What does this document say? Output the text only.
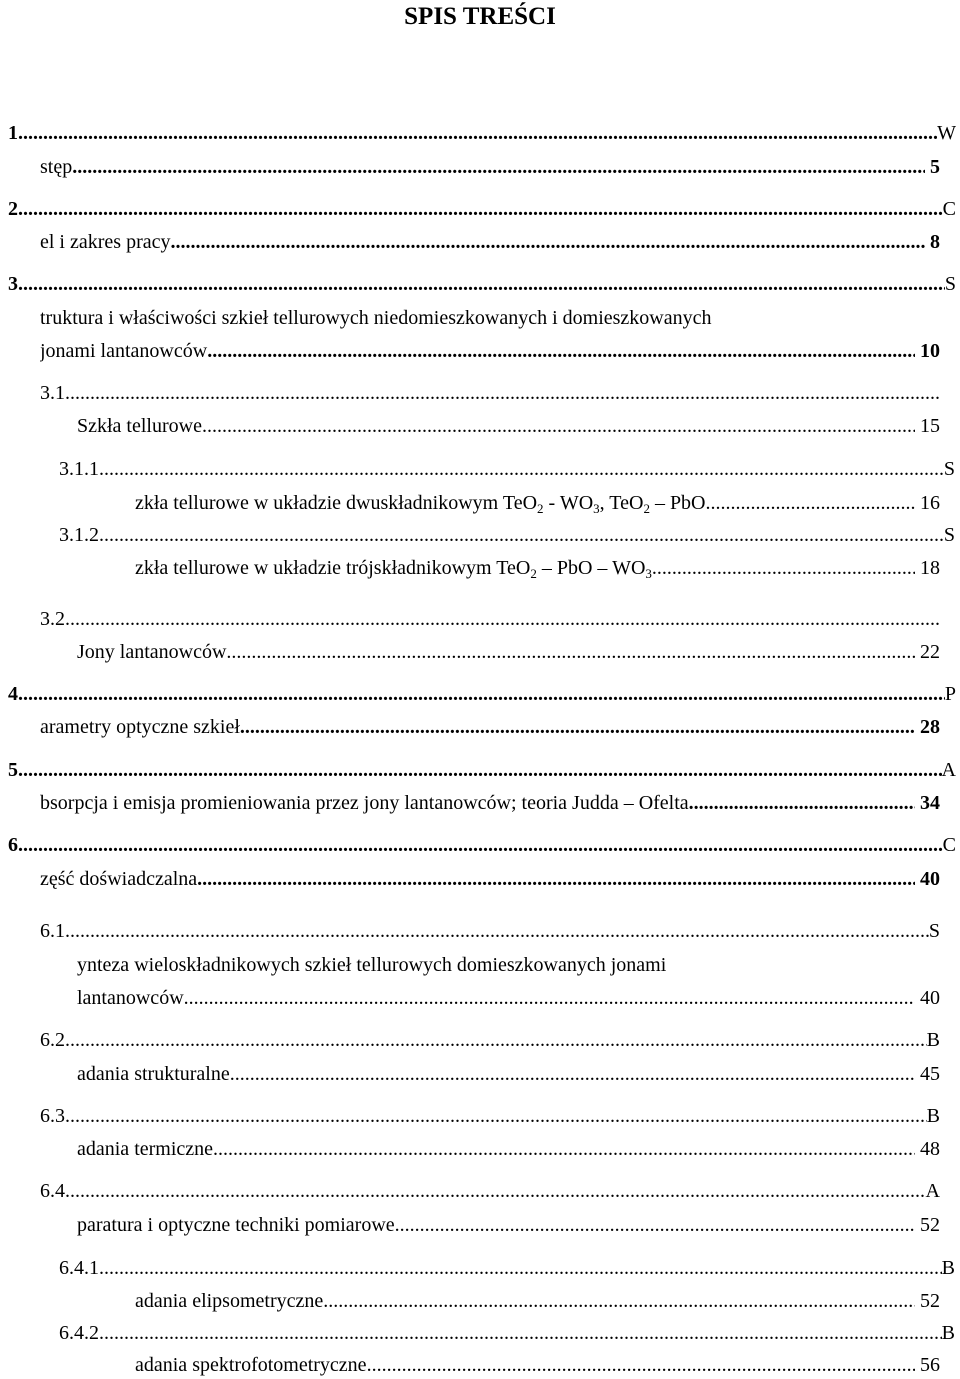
SPIS TREŚCI
1. .....	W
stęp .....	5
2. .....	C
el i zakres pracy .....	8
3. .....	S
truktura i właściwości szkieł tellurowych niedomieszkowanych i domieszkowanych
jonami lantanowców .....	10
3.1.
.....
Szkła tellurowe .....	15
3.1.1. .....	S
zkła tellurowe w układzie dwuskładnikowym $TeO_2 - WO_3$, TeO$_2$ – PbO .....	16
3.1.2. .....	S
zkła tellurowe w układzie trójskładnikowym TeO$_2$ – PbO – $WO_3$ .....	18
3.2.
.....
Jony lantanowców .....	22
4. .....	P
arametry optyczne szkieł .....	28
5. .....	A
bsorpcja i emisja promieniowania przez jony lantanowców; teoria Judda – Ofelta .....	34
6. .....	C
zęść doświadczalna .....	40
6.1. .....	S
ynteza wieloskładnikowych szkieł tellurowych domieszkowanych jonami
lantanowców .....	40
6.2. .....	B
adania strukturalne .....	45
6.3. .....	B
adania termiczne .....	48
6.4. .....	A
paratura i optyczne techniki pomiarowe .....	52
6.4.1. .....	B
adania elipsometryczne .....	52
6.4.2. .....	B
adania spektrofotometryczne .....	56
